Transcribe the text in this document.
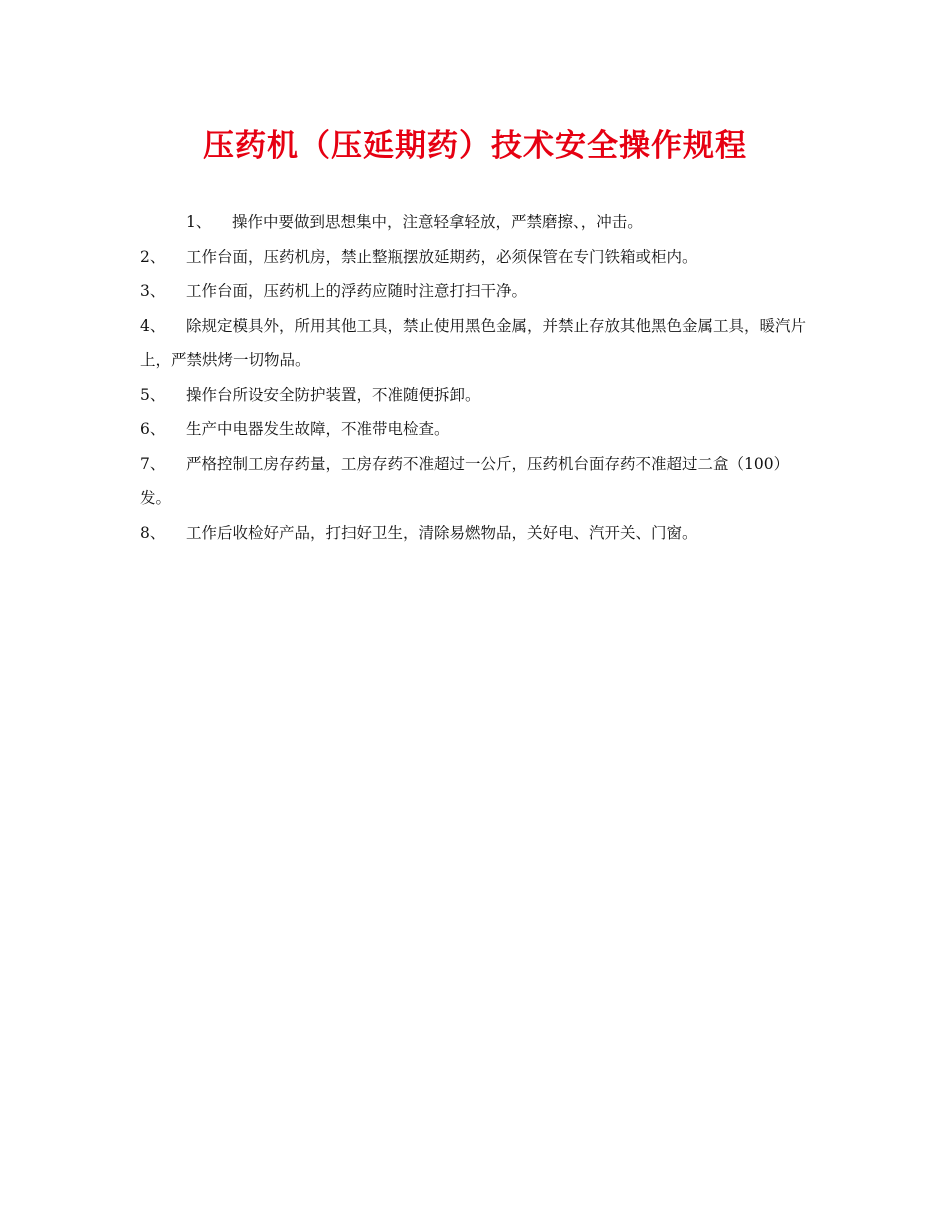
压药机（压延期药）技术安全操作规程

1、 操作中要做到思想集中，注意轻拿轻放，严禁磨擦、，冲击。

2、 工作台面，压药机房，禁止整瓶摆放延期药，必须保管在专门铁箱或柜内。

3、 工作台面，压药机上的浮药应随时注意打扫干净。

4、 除规定模具外，所用其他工具，禁止使用黑色金属，并禁止存放其他黑色金属工具，暖汽片上，严禁烘烤一切物品。

5、 操作台所设安全防护装置，不准随便拆卸。

6、 生产中电器发生故障，不准带电检查。

7、 严格控制工房存药量，工房存药不准超过一公斤，压药机台面存药不准超过二盒（100）发。

8、 工作后收检好产品，打扫好卫生，清除易燃物品，关好电、汽开关、门窗。
